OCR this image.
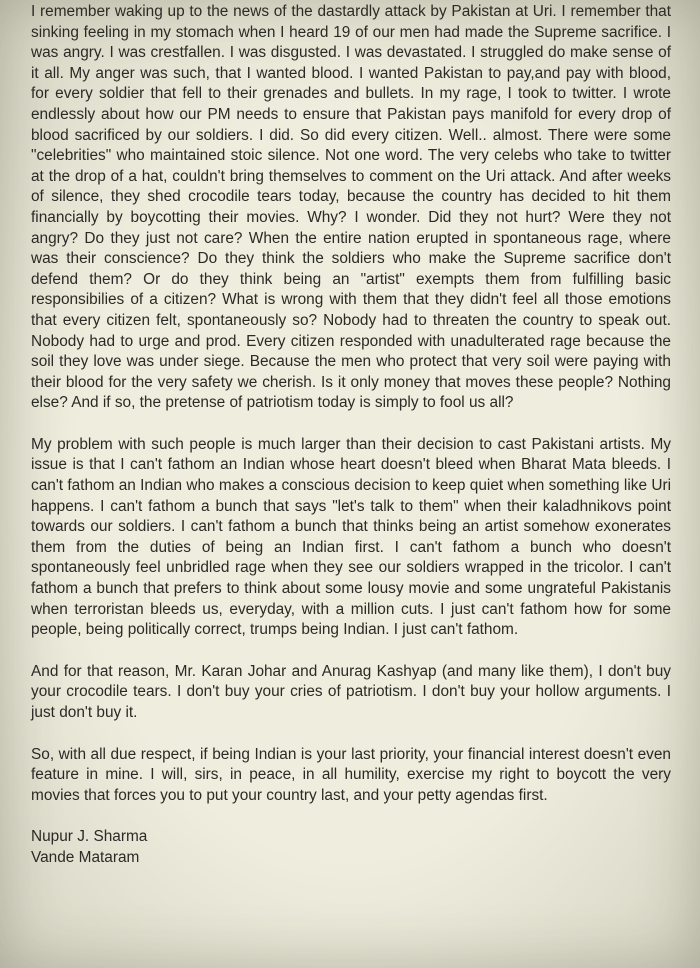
I remember waking up to the news of the dastardly attack by Pakistan at Uri. I remember that sinking feeling in my stomach when I heard 19 of our men had made the Supreme sacrifice. I was angry. I was crestfallen. I was disgusted. I was devastated. I struggled do make sense of it all. My anger was such, that I wanted blood. I wanted Pakistan to pay,and pay with blood, for every soldier that fell to their grenades and bullets. In my rage, I took to twitter. I wrote endlessly about how our PM needs to ensure that Pakistan pays manifold for every drop of blood sacrificed by our soldiers. I did. So did every citizen. Well.. almost. There were some "celebrities" who maintained stoic silence. Not one word. The very celebs who take to twitter at the drop of a hat, couldn't bring themselves to comment on the Uri attack. And after weeks of silence, they shed crocodile tears today, because the country has decided to hit them financially by boycotting their movies. Why? I wonder. Did they not hurt? Were they not angry? Do they just not care? When the entire nation erupted in spontaneous rage, where was their conscience? Do they think the soldiers who make the Supreme sacrifice don't defend them? Or do they think being an "artist" exempts them from fulfilling basic responsibilies of a citizen? What is wrong with them that they didn't feel all those emotions that every citizen felt, spontaneously so? Nobody had to threaten the country to speak out. Nobody had to urge and prod. Every citizen responded with unadulterated rage because the soil they love was under siege. Because the men who protect that very soil were paying with their blood for the very safety we cherish. Is it only money that moves these people? Nothing else? And if so, the pretense of patriotism today is simply to fool us all?

My problem with such people is much larger than their decision to cast Pakistani artists. My issue is that I can't fathom an Indian whose heart doesn't bleed when Bharat Mata bleeds. I can't fathom an Indian who makes a conscious decision to keep quiet when something like Uri happens. I can't fathom a bunch that says "let's talk to them" when their kaladhnikovs point towards our soldiers. I can't fathom a bunch that thinks being an artist somehow exonerates them from the duties of being an Indian first. I can't fathom a bunch who doesn't spontaneously feel unbridled rage when they see our soldiers wrapped in the tricolor. I can't fathom a bunch that prefers to think about some lousy movie and some ungrateful Pakistanis when terroristan bleeds us, everyday, with a million cuts. I just can't fathom how for some people, being politically correct, trumps being Indian. I just can't fathom.

And for that reason, Mr. Karan Johar and Anurag Kashyap (and many like them), I don't buy your crocodile tears. I don't buy your cries of patriotism. I don't buy your hollow arguments. I just don't buy it.

So, with all due respect, if being Indian is your last priority, your financial interest doesn't even feature in mine. I will, sirs, in peace, in all humility, exercise my right to boycott the very movies that forces you to put your country last, and your petty agendas first.

Nupur J. Sharma
Vande Mataram
